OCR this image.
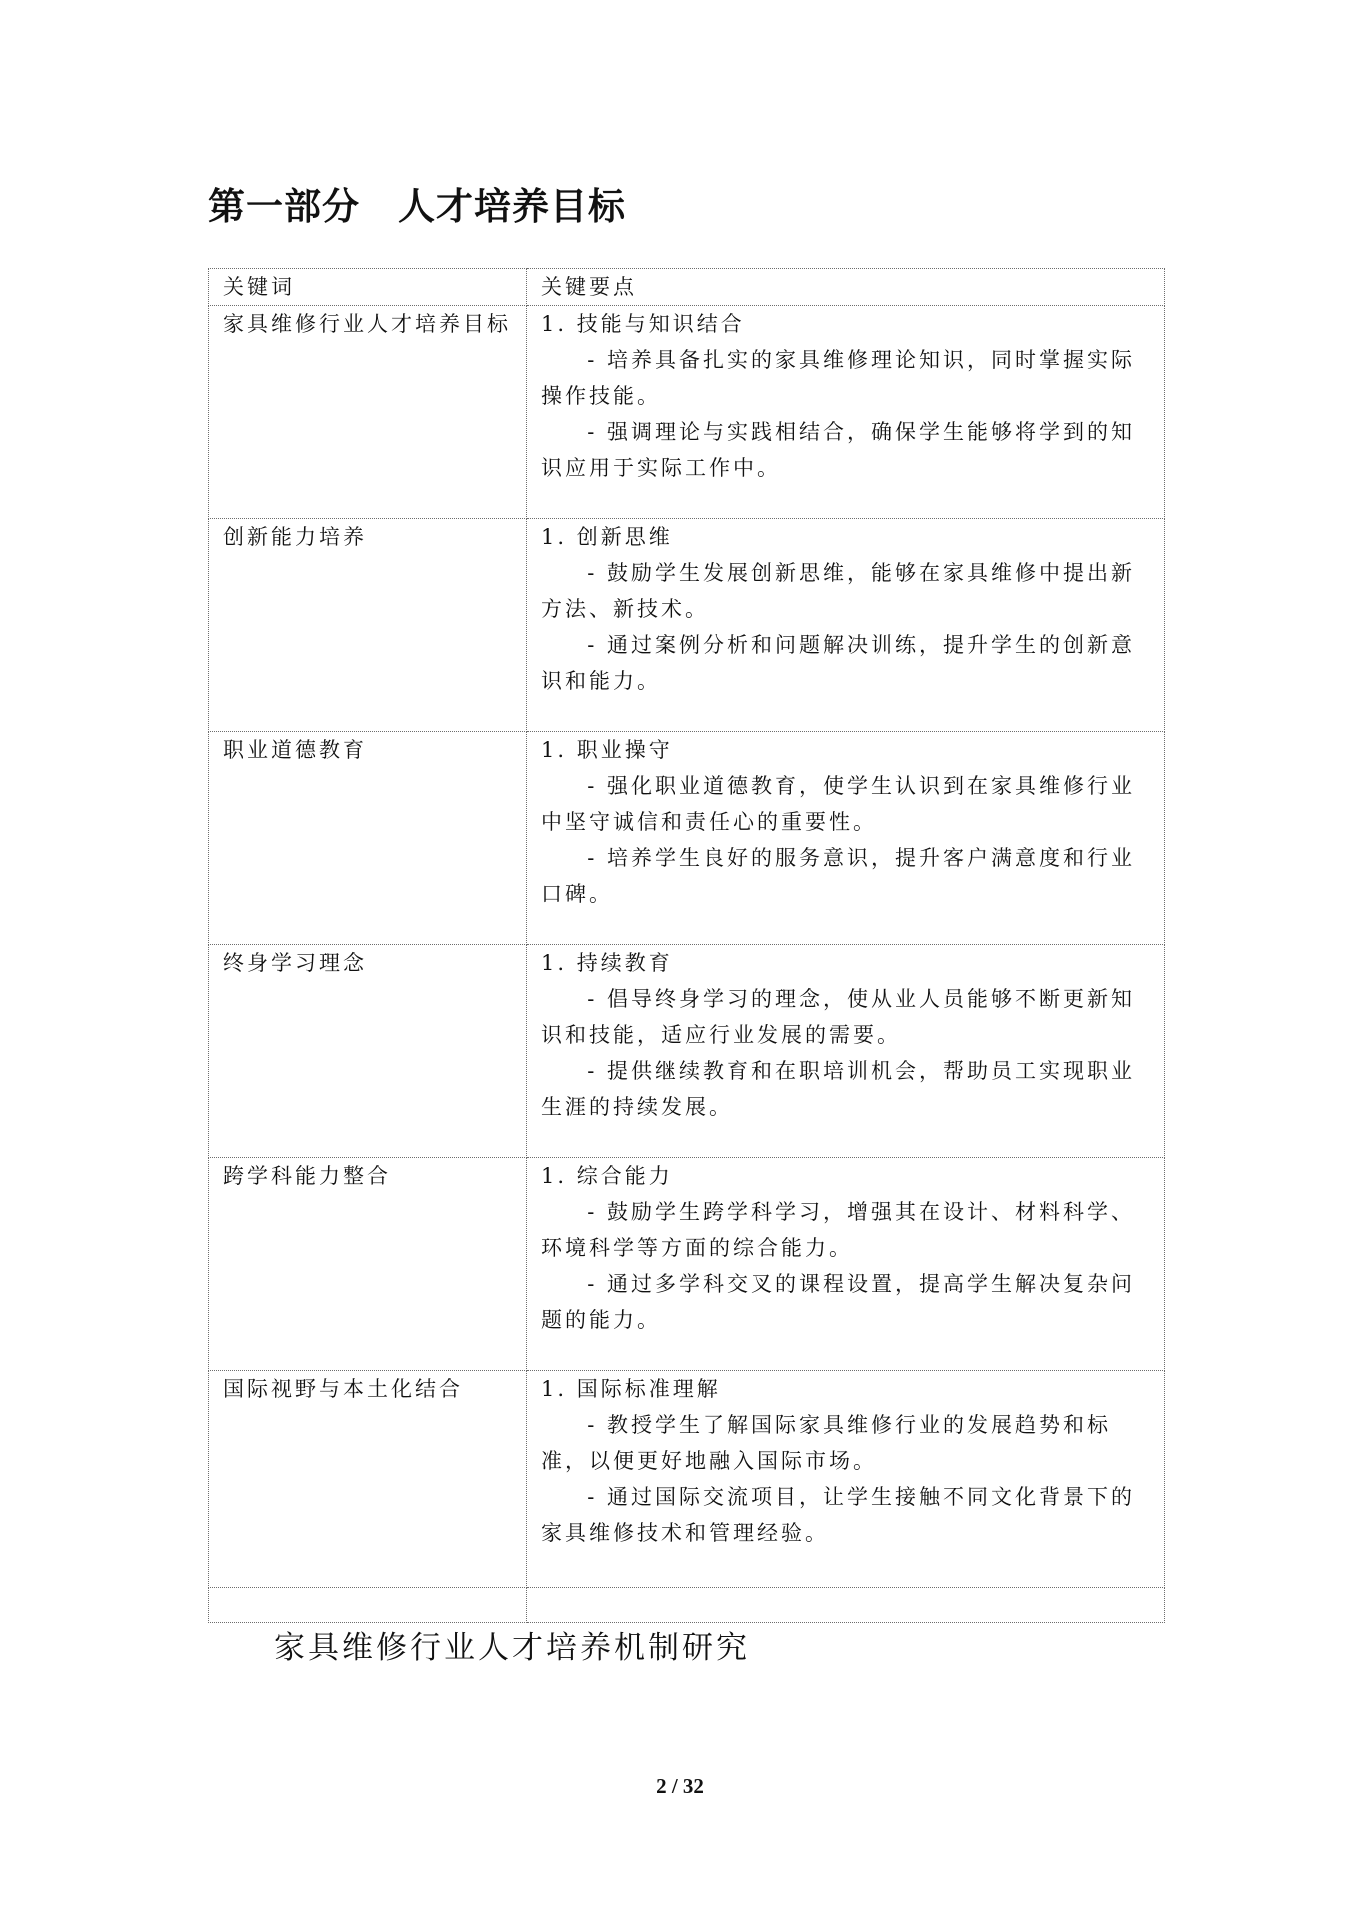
第一部分　人才培养目标
关键词	关键要点
家具维修行业人才培养目标	1. 技能与知识结合
- 培养具备扎实的家具维修理论知识，同时掌握实际操作技能。
- 强调理论与实践相结合，确保学生能够将学到的知识应用于实际工作中。

创新能力培养	1. 创新思维
- 鼓励学生发展创新思维，能够在家具维修中提出新方法、新技术。
- 通过案例分析和问题解决训练，提升学生的创新意识和能力。

职业道德教育	1. 职业操守
- 强化职业道德教育，使学生认识到在家具维修行业中坚守诚信和责任心的重要性。
- 培养学生良好的服务意识，提升客户满意度和行业口碑。

终身学习理念	1. 持续教育
- 倡导终身学习的理念，使从业人员能够不断更新知识和技能，适应行业发展的需要。
- 提供继续教育和在职培训机会，帮助员工实现职业生涯的持续发展。

跨学科能力整合	1. 综合能力
- 鼓励学生跨学科学习，增强其在设计、材料科学、环境科学等方面的综合能力。
- 通过多学科交叉的课程设置，提高学生解决复杂问题的能力。

国际视野与本土化结合	1. 国际标准理解
- 教授学生了解国际家具维修行业的发展趋势和标准，以便更好地融入国际市场。
- 通过国际交流项目，让学生接触不同文化背景下的家具维修技术和管理经验。

家具维修行业人才培养机制研究

2 / 32
